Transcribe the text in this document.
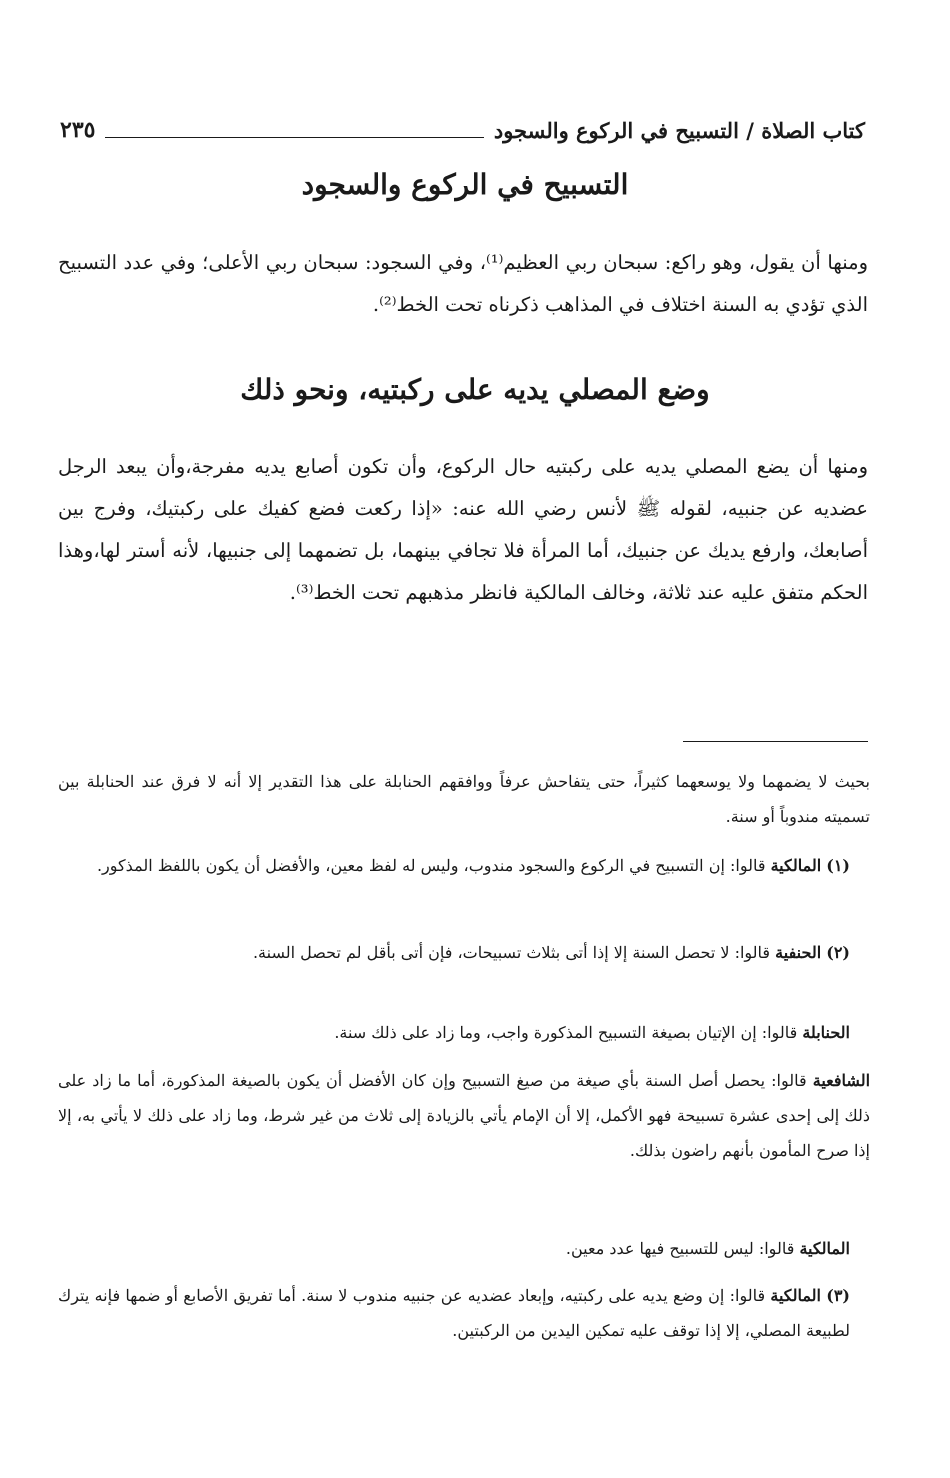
كتاب الصلاة / التسبيح في الركوع والسجود
٢٣٥
التسبيح في الركوع والسجود

ومنها أن يقول، وهو راكع: سبحان ربي العظيم⁽¹⁾، وفي السجود: سبحان ربي الأعلى؛ وفي عدد التسبيح الذي تؤدي به السنة اختلاف في المذاهب ذكرناه تحت الخط⁽²⁾.

وضع المصلي يديه على ركبتيه، ونحو ذلك

ومنها أن يضع المصلي يديه على ركبتيه حال الركوع، وأن تكون أصابع يديه مفرجة،وأن يبعد الرجل عضديه عن جنبيه، لقوله ﷺ لأنس رضي الله عنه: «إذا ركعت فضع كفيك على ركبتيك، وفرج بين أصابعك، وارفع يديك عن جنبيك، أما المرأة فلا تجافي بينهما، بل تضمهما إلى جنبيها، لأنه أستر لها،وهذا الحكم متفق عليه عند ثلاثة، وخالف المالكية فانظر مذهبهم تحت الخط⁽³⁾.

بحيث لا يضمهما ولا يوسعهما كثيراً، حتى يتفاحش عرفاً ووافقهم الحنابلة على هذا التقدير إلا أنه لا فرق عند الحنابلة بين تسميته مندوباً أو سنة.

(١) المالكية قالوا: إن التسبيح في الركوع والسجود مندوب، وليس له لفظ معين، والأفضل أن يكون باللفظ المذكور.

(٢) الحنفية قالوا: لا تحصل السنة إلا إذا أتى بثلاث تسبيحات، فإن أتى بأقل لم تحصل السنة.

الحنابلة قالوا: إن الإتيان بصيغة التسبيح المذكورة واجب، وما زاد على ذلك سنة.

الشافعية قالوا: يحصل أصل السنة بأي صيغة من صيغ التسبيح وإن كان الأفضل أن يكون بالصيغة المذكورة، أما ما زاد على ذلك إلى إحدى عشرة تسبيحة فهو الأكمل، إلا أن الإمام يأتي بالزيادة إلى ثلاث من غير شرط، وما زاد على ذلك لا يأتي به، إلا إذا صرح المأمون بأنهم راضون بذلك.

المالكية قالوا: ليس للتسبيح فيها عدد معين.

(٣) المالكية قالوا: إن وضع يديه على ركبتيه، وإبعاد عضديه عن جنبيه مندوب لا سنة. أما تفريق الأصابع أو ضمها فإنه يترك لطبيعة المصلي، إلا إذا توقف عليه تمكين اليدين من الركبتين.
